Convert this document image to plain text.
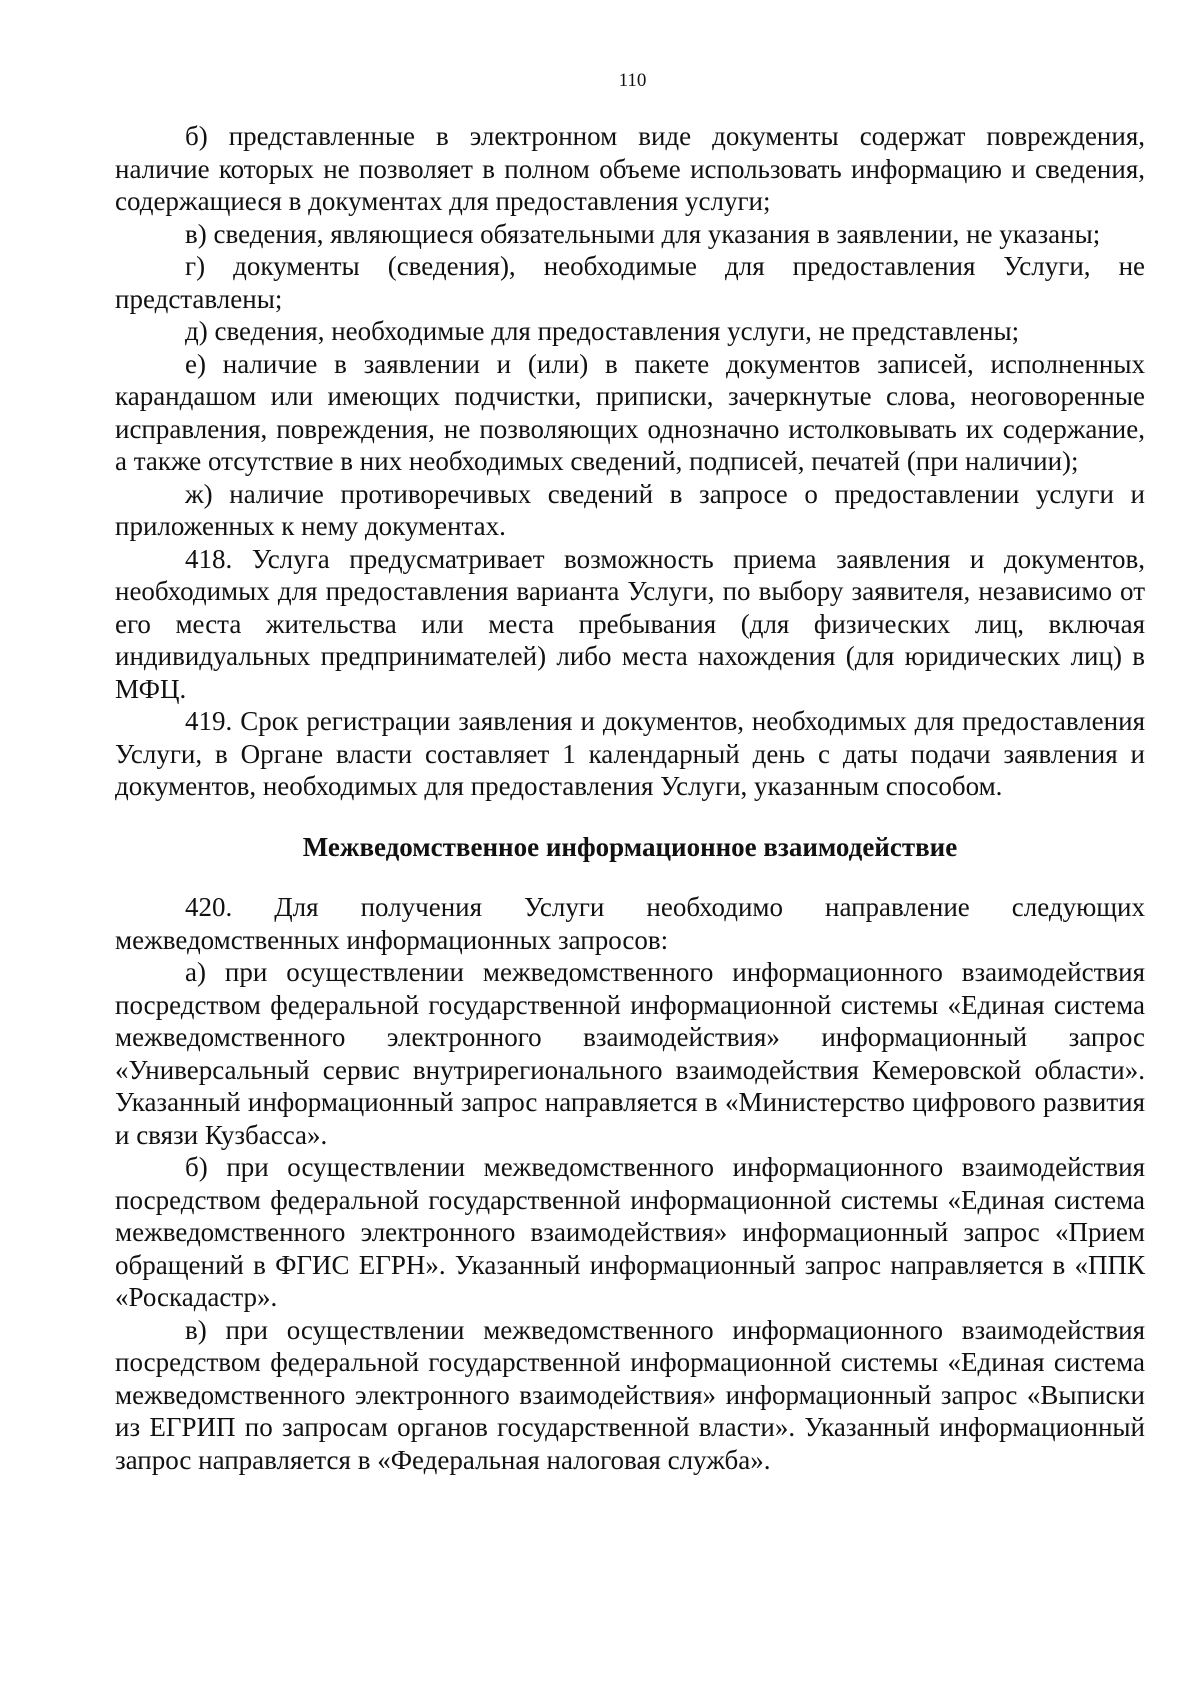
110

б) представленные в электронном виде документы содержат повреждения, наличие которых не позволяет в полном объеме использовать информацию и сведения, содержащиеся в документах для предоставления услуги;

в) сведения, являющиеся обязательными для указания в заявлении, не указаны;

г) документы (сведения), необходимые для предоставления Услуги, не представлены;

д) сведения, необходимые для предоставления услуги, не представлены;

е) наличие в заявлении и (или) в пакете документов записей, исполненных карандашом или имеющих подчистки, приписки, зачеркнутые слова, неоговоренные исправления, повреждения, не позволяющих однозначно истолковывать их содержание, а также отсутствие в них необходимых сведений, подписей, печатей (при наличии);

ж) наличие противоречивых сведений в запросе о предоставлении услуги и приложенных к нему документах.

418. Услуга предусматривает возможность приема заявления и документов, необходимых для предоставления варианта Услуги, по выбору заявителя, независимо от его места жительства или места пребывания (для физических лиц, включая индивидуальных предпринимателей) либо места нахождения (для юридических лиц) в МФЦ.

419. Срок регистрации заявления и документов, необходимых для предоставления Услуги, в Органе власти составляет 1 календарный день с даты подачи заявления и документов, необходимых для предоставления Услуги, указанным способом.

Межведомственное информационное взаимодействие

420. Для получения Услуги необходимо направление следующих межведомственных информационных запросов:

а) при осуществлении межведомственного информационного взаимодействия посредством федеральной государственной информационной системы «Единая система межведомственного электронного взаимодействия» информационный запрос «Универсальный сервис внутрирегионального взаимодействия Кемеровской области». Указанный информационный запрос направляется в «Министерство цифрового развития и связи Кузбасса».

б) при осуществлении межведомственного информационного взаимодействия посредством федеральной государственной информационной системы «Единая система межведомственного электронного взаимодействия» информационный запрос «Прием обращений в ФГИС ЕГРН». Указанный информационный запрос направляется в «ППК «Роскадастр».

в) при осуществлении межведомственного информационного взаимодействия посредством федеральной государственной информационной системы «Единая система межведомственного электронного взаимодействия» информационный запрос «Выписки из ЕГРИП по запросам органов государственной власти». Указанный информационный запрос направляется в «Федеральная налоговая служба».
